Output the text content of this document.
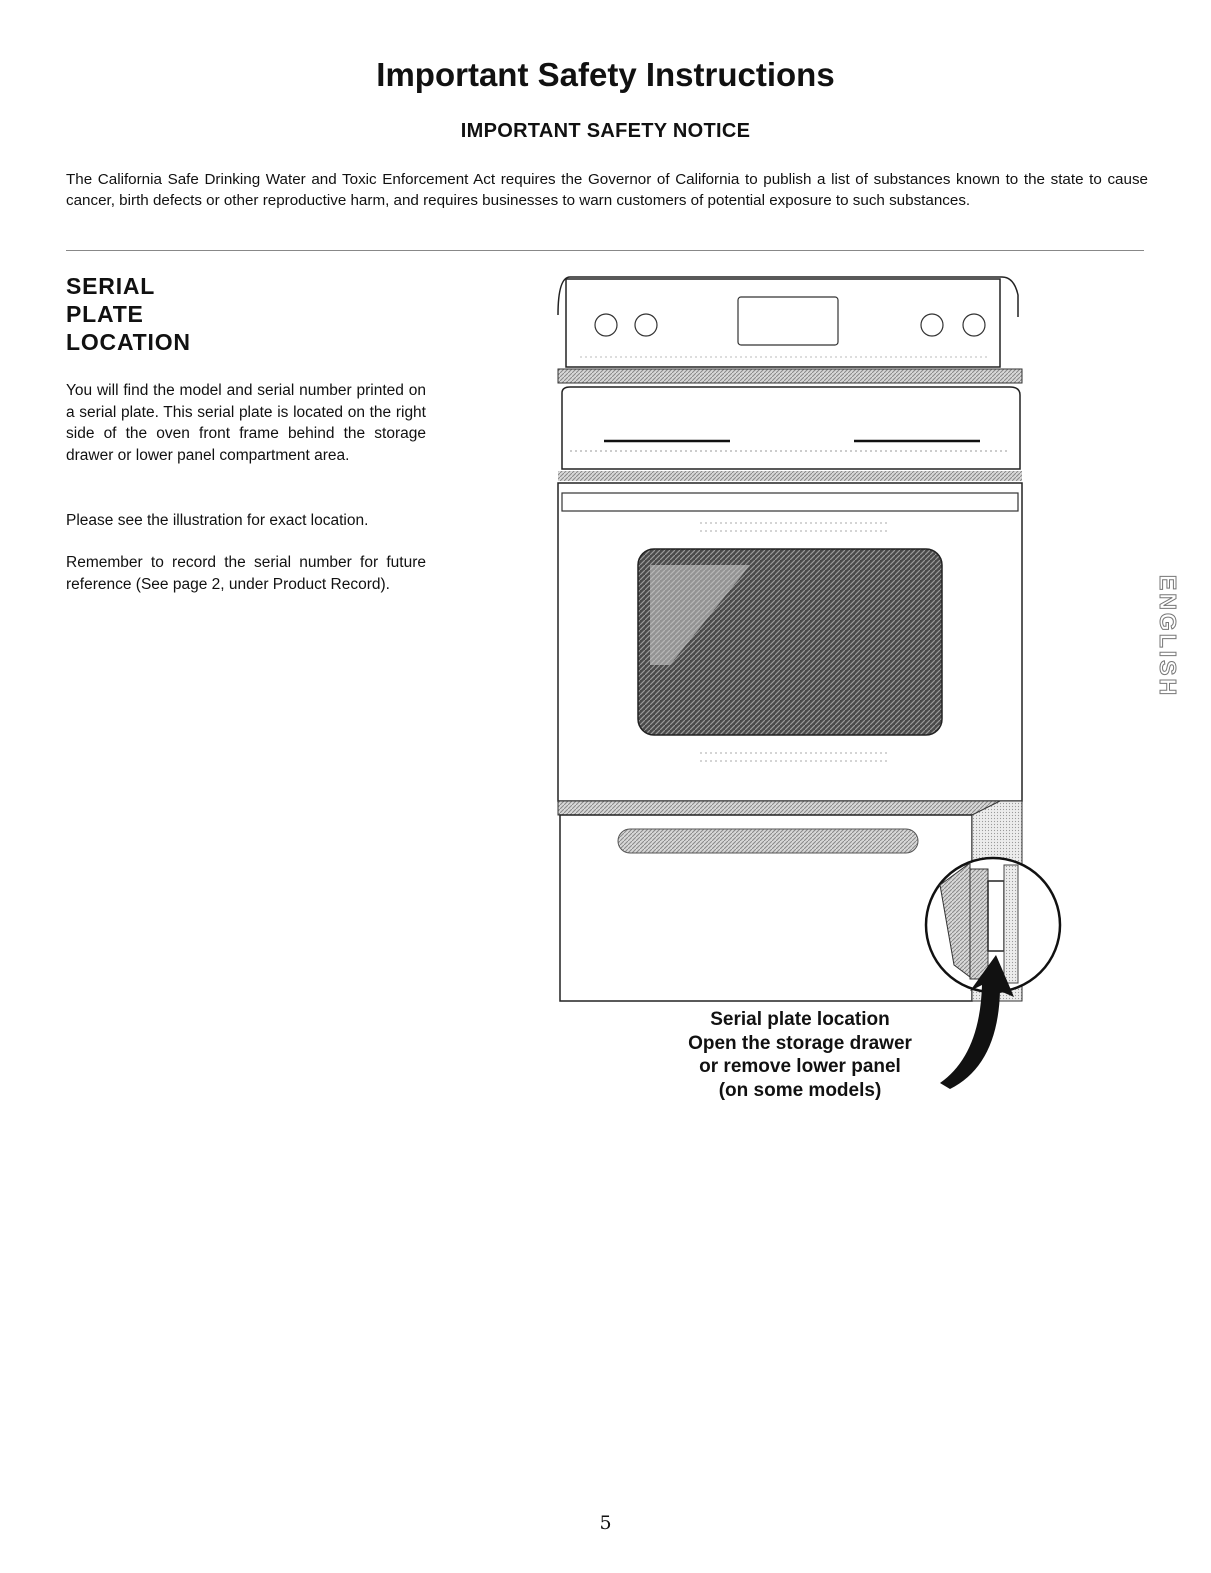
Important Safety Instructions
IMPORTANT SAFETY NOTICE

The California Safe Drinking Water and Toxic Enforcement Act requires the Governor of California to publish a list of substances known to the state to cause cancer, birth defects or other reproductive harm, and requires businesses to warn customers of potential exposure to such substances.

SERIAL
PLATE
LOCATION

You will find the model and serial number printed on a serial plate. This serial plate is located on the right side of the oven front frame behind the storage drawer or lower panel compartment area.

Please see the illustration for exact location.

Remember to record the serial number for future reference (See page 2, under Product Record).

Serial plate location
Open the storage drawer
or remove lower panel
(on some models)
ENGLISH
5
